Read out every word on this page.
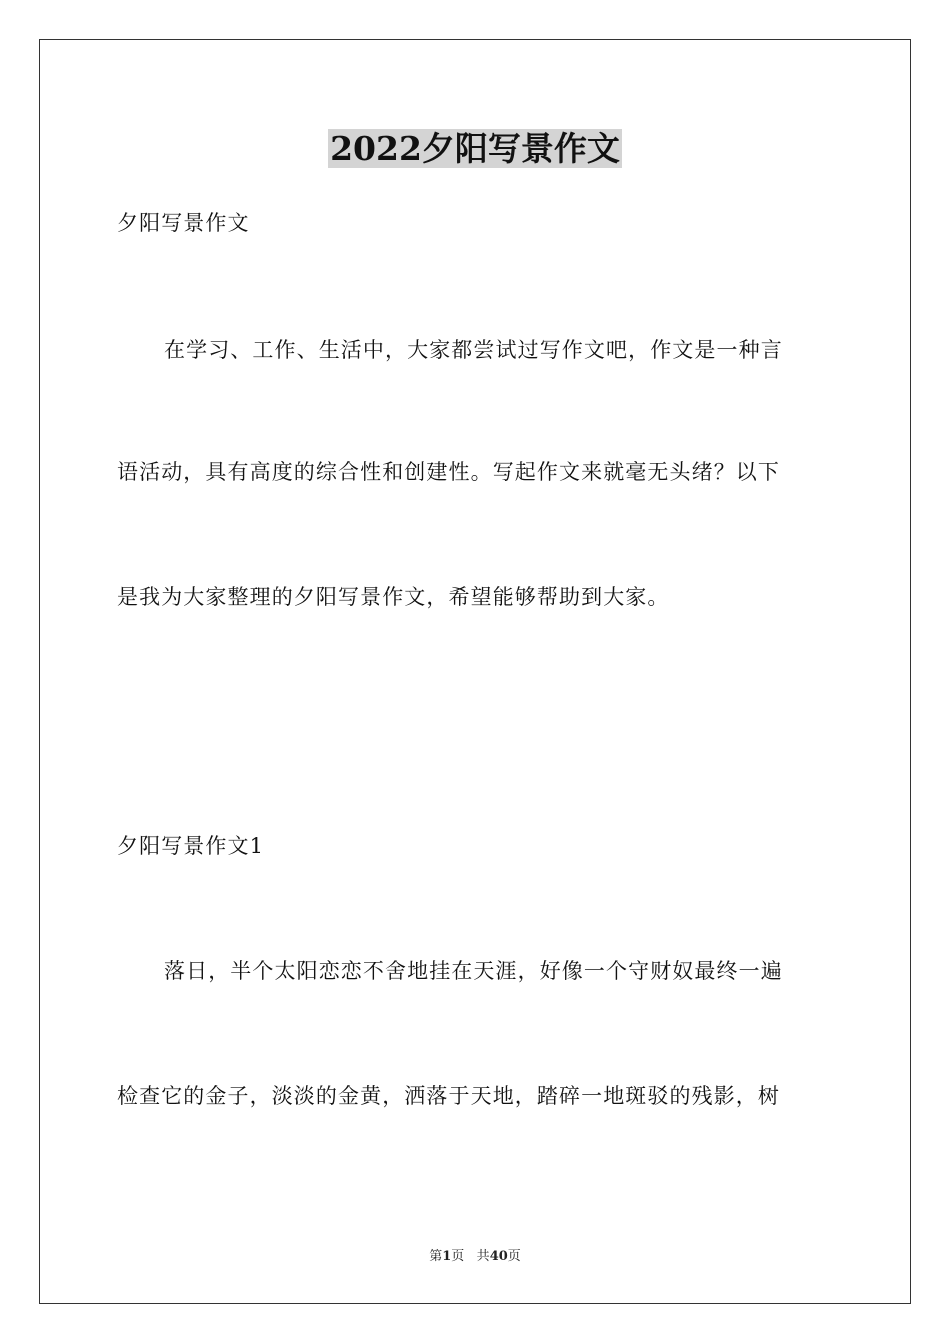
2022夕阳写景作文

夕阳写景作文

在学习、工作、生活中，大家都尝试过写作文吧，作文是一种言

语活动，具有高度的综合性和创建性。写起作文来就毫无头绪？以下

是我为大家整理的夕阳写景作文，希望能够帮助到大家。

夕阳写景作文1

落日，半个太阳恋恋不舍地挂在天涯，好像一个守财奴最终一遍

检查它的金子，淡淡的金黄，洒落于天地，踏碎一地斑驳的残影，树

第1页 共40页
